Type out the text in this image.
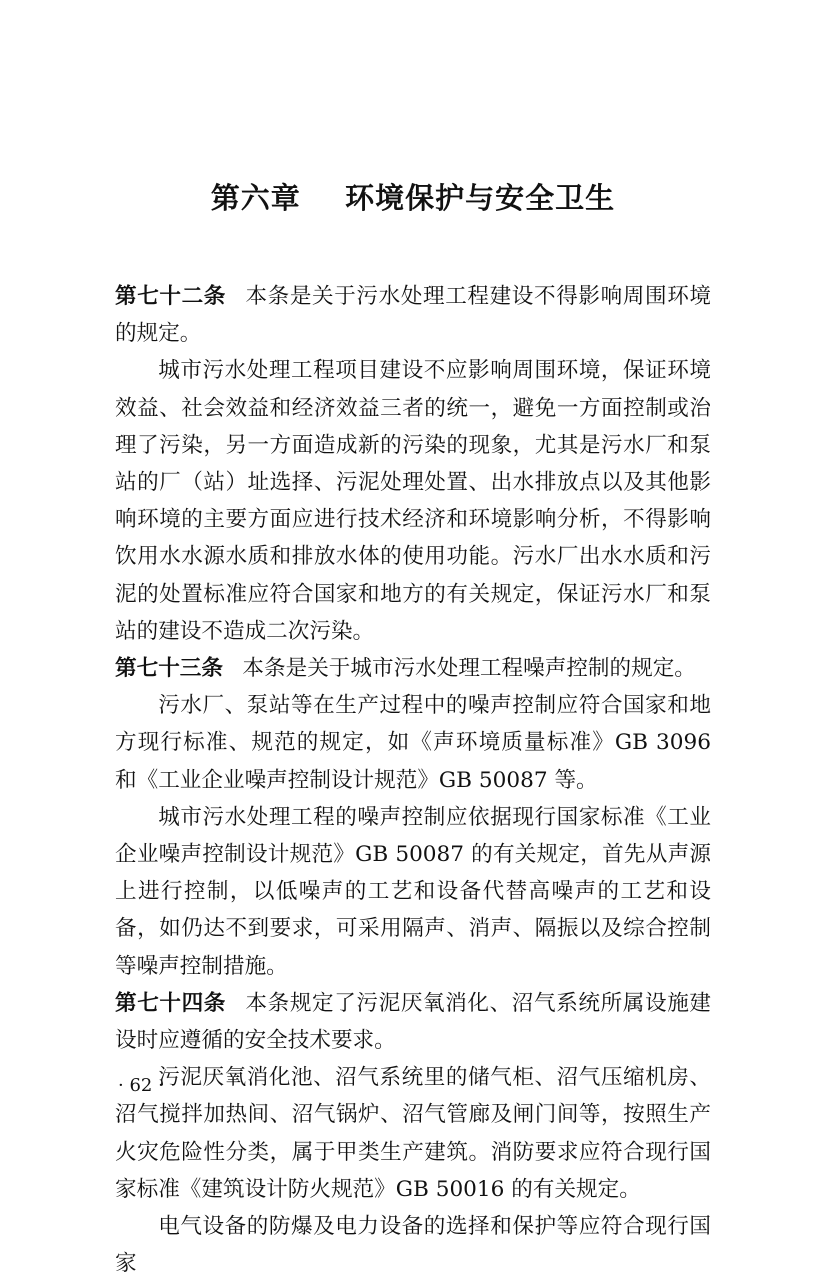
第六章    环境保护与安全卫生

第七十二条 本条是关于污水处理工程建设不得影响周围环境的规定。

城市污水处理工程项目建设不应影响周围环境，保证环境效益、社会效益和经济效益三者的统一，避免一方面控制或治理了污染，另一方面造成新的污染的现象，尤其是污水厂和泵站的厂（站）址选择、污泥处理处置、出水排放点以及其他影响环境的主要方面应进行技术经济和环境影响分析，不得影响饮用水水源水质和排放水体的使用功能。污水厂出水水质和污泥的处置标准应符合国家和地方的有关规定，保证污水厂和泵站的建设不造成二次污染。

第七十三条 本条是关于城市污水处理工程噪声控制的规定。

污水厂、泵站等在生产过程中的噪声控制应符合国家和地方现行标准、规范的规定，如《声环境质量标准》GB 3096 和《工业企业噪声控制设计规范》GB 50087 等。

城市污水处理工程的噪声控制应依据现行国家标准《工业企业噪声控制设计规范》GB 50087 的有关规定，首先从声源上进行控制，以低噪声的工艺和设备代替高噪声的工艺和设备，如仍达不到要求，可采用隔声、消声、隔振以及综合控制等噪声控制措施。

第七十四条 本条规定了污泥厌氧消化、沼气系统所属设施建设时应遵循的安全技术要求。

污泥厌氧消化池、沼气系统里的储气柜、沼气压缩机房、沼气搅拌加热间、沼气锅炉、沼气管廊及闸门间等，按照生产火灾危险性分类，属于甲类生产建筑。消防要求应符合现行国家标准《建筑设计防火规范》GB 50016 的有关规定。

电气设备的防爆及电力设备的选择和保护等应符合现行国家

· 62 ·
